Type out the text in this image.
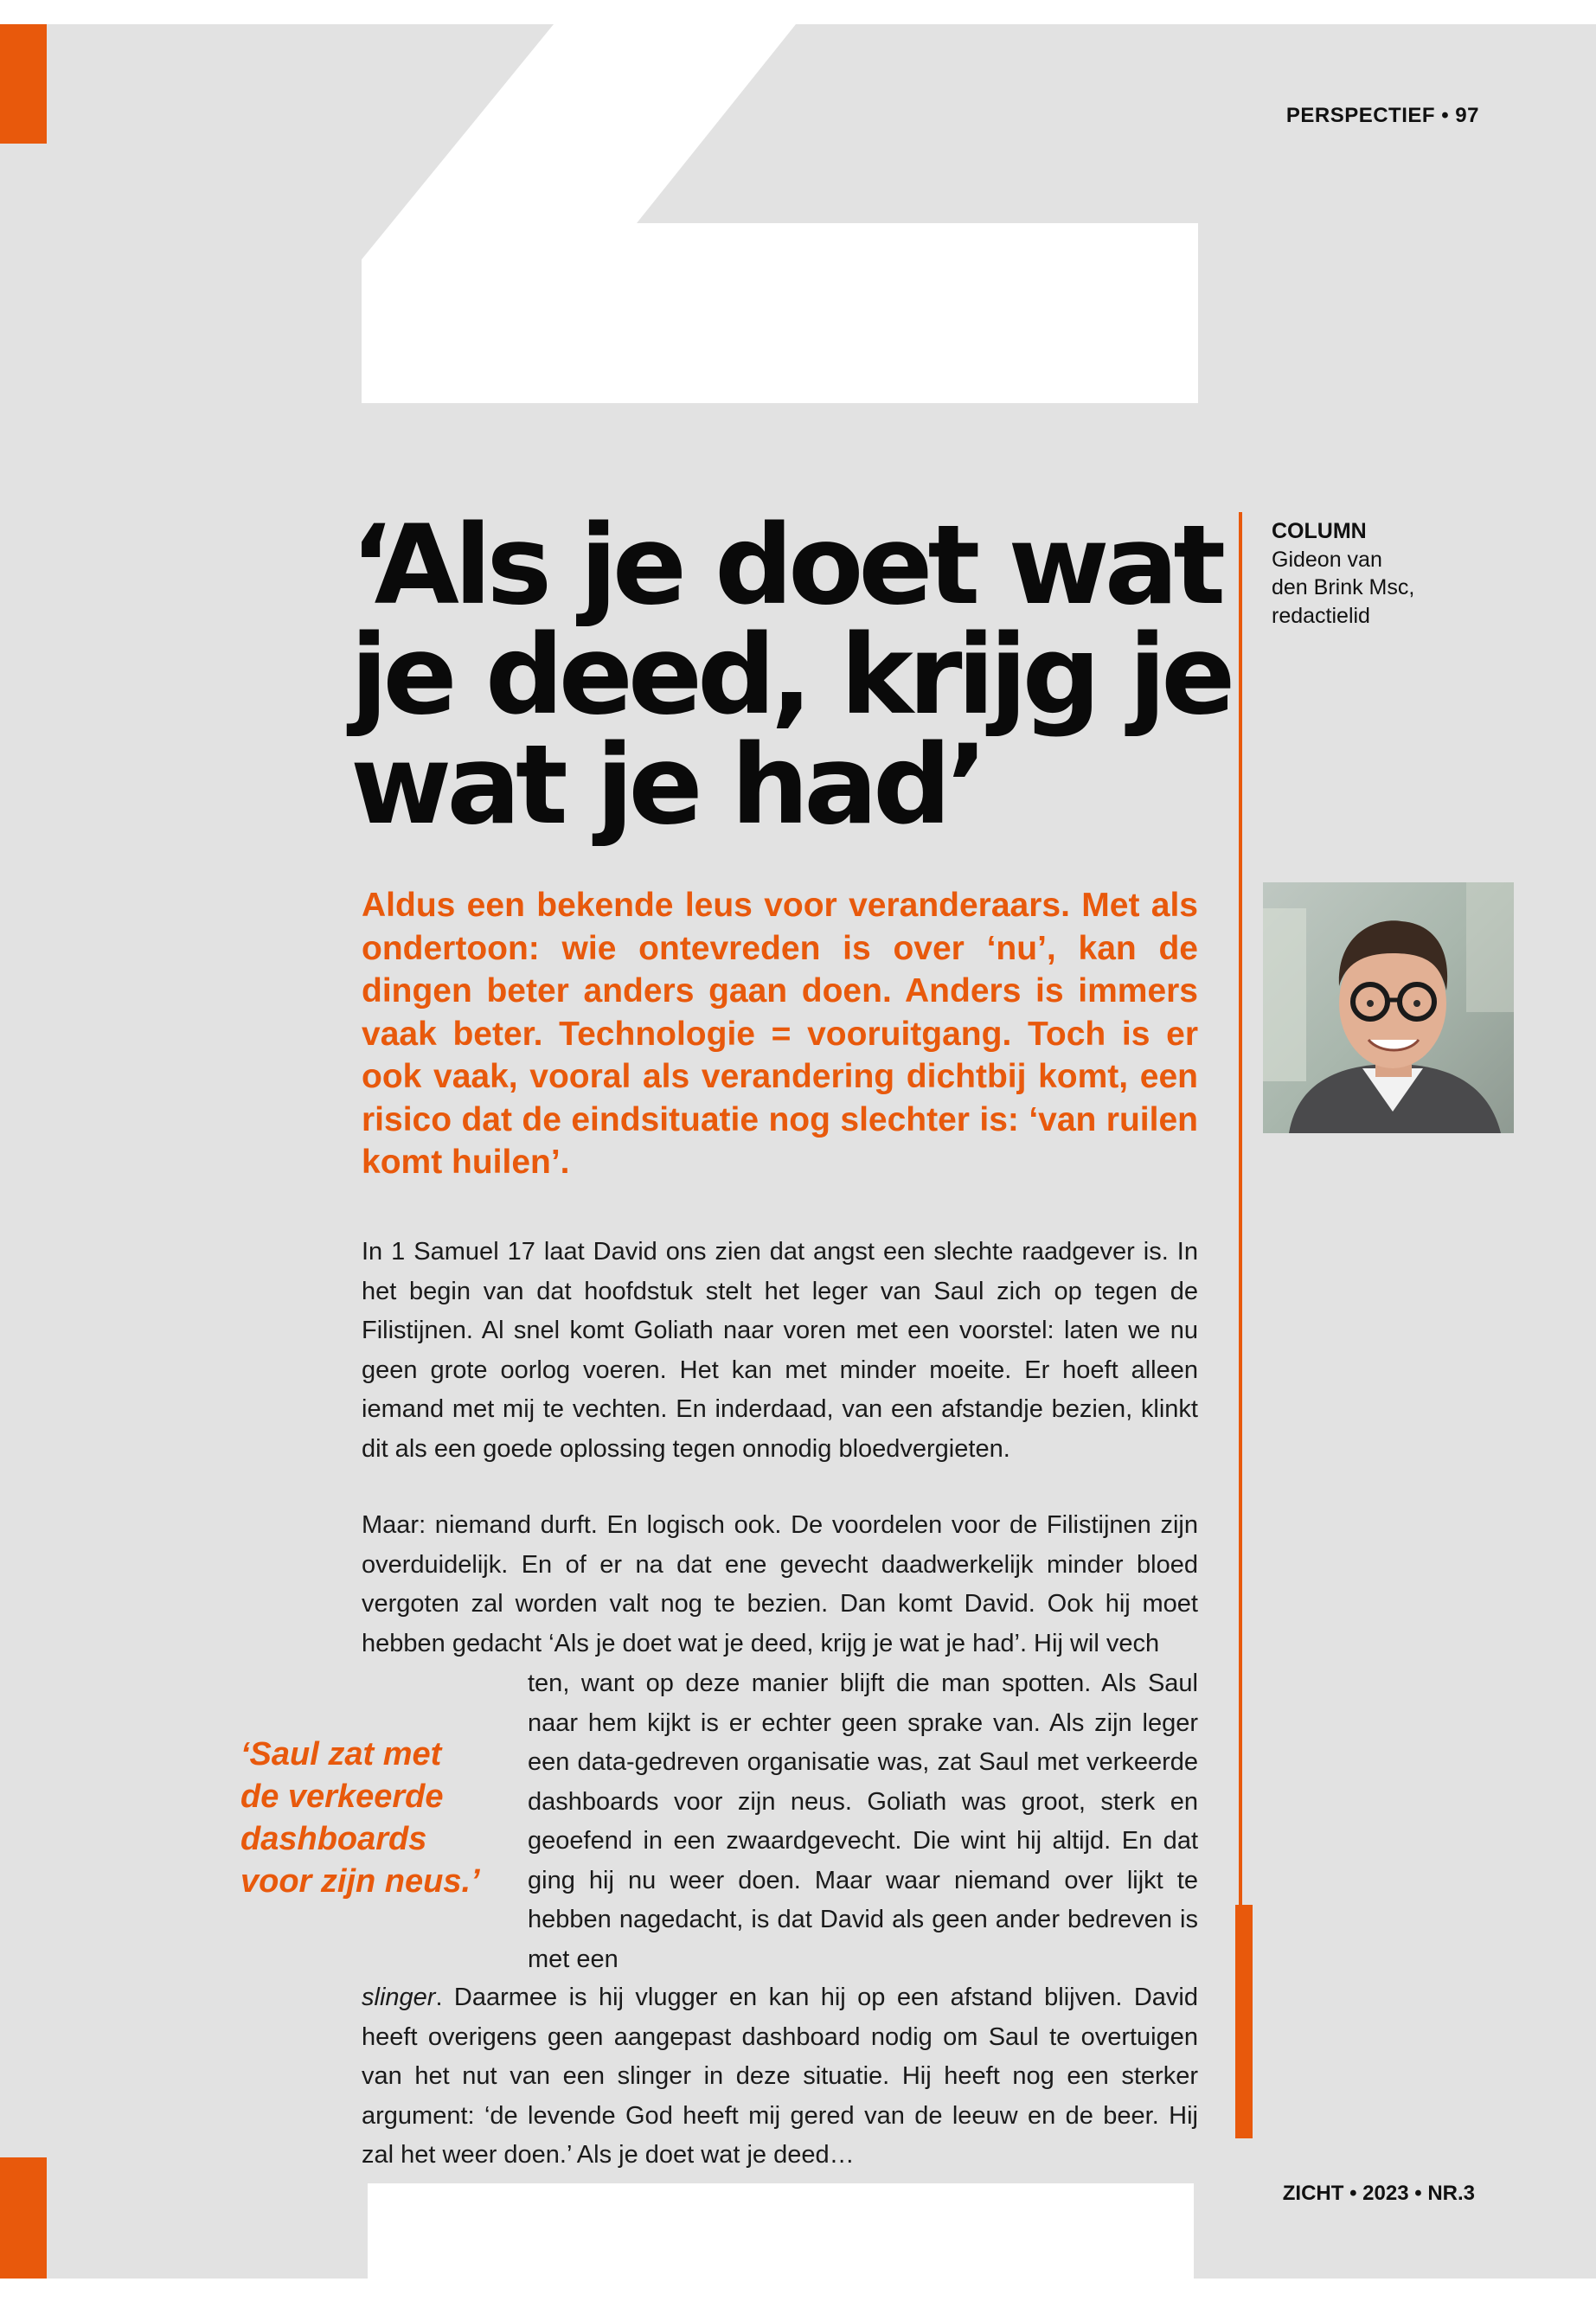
PERSPECTIEF • 97
‘Als je doet wat
je deed, krijg je
wat je had’
COLUMN
Gideon van
den Brink Msc,
redactielid

Aldus een bekende leus voor veranderaars. Met als ondertoon: wie ontevreden is over ‘nu’, kan de dingen beter anders gaan doen. Anders is immers vaak beter. Technologie = vooruitgang. Toch is er ook vaak, vooral als verandering dichtbij komt, een risico dat de eindsituatie nog slechter is: ‘van ruilen komt huilen’.

In 1 Samuel 17 laat David ons zien dat angst een slechte raadgever is. In het begin van dat hoofdstuk stelt het leger van Saul zich op tegen de Filistijnen. Al snel komt Goliath naar voren met een voorstel: laten we nu geen grote oorlog voeren. Het kan met minder moeite. Er hoeft alleen iemand met mij te vechten. En inderdaad, van een afstandje bezien, klinkt dit als een goede oplossing tegen onnodig bloedvergieten.

Maar: niemand durft. En logisch ook. De voordelen voor de Filistijnen zijn overduidelijk. En of er na dat ene gevecht daadwerkelijk minder bloed vergoten zal worden valt nog te bezien. Dan komt David. Ook hij moet hebben gedacht ‘Als je doet wat je deed, krijg je wat je had’. Hij wil vech

ten, want op deze manier blijft die man spotten. Als Saul naar hem kijkt is er echter geen sprake van. Als zijn leger een data-gedreven organisatie was, zat Saul met verkeerde dashboards voor zijn neus. Goliath was groot, sterk en geoefend in een zwaardgevecht. Die wint hij altijd. En dat ging hij nu weer doen. Maar waar niemand over lijkt te hebben nagedacht, is dat David als geen ander bedreven is met een

slinger. Daarmee is hij vlugger en kan hij op een afstand blijven. David heeft overigens geen aangepast dashboard nodig om Saul te overtuigen van het nut van een slinger in deze situatie. Hij heeft nog een sterker argument: ‘de levende God heeft mij gered van de leeuw en de beer. Hij zal het weer doen.’ Als je doet wat je deed…

‘Saul zat met
de verkeerde
dashboards
voor zijn neus.’

ZICHT • 2023 • NR.3
